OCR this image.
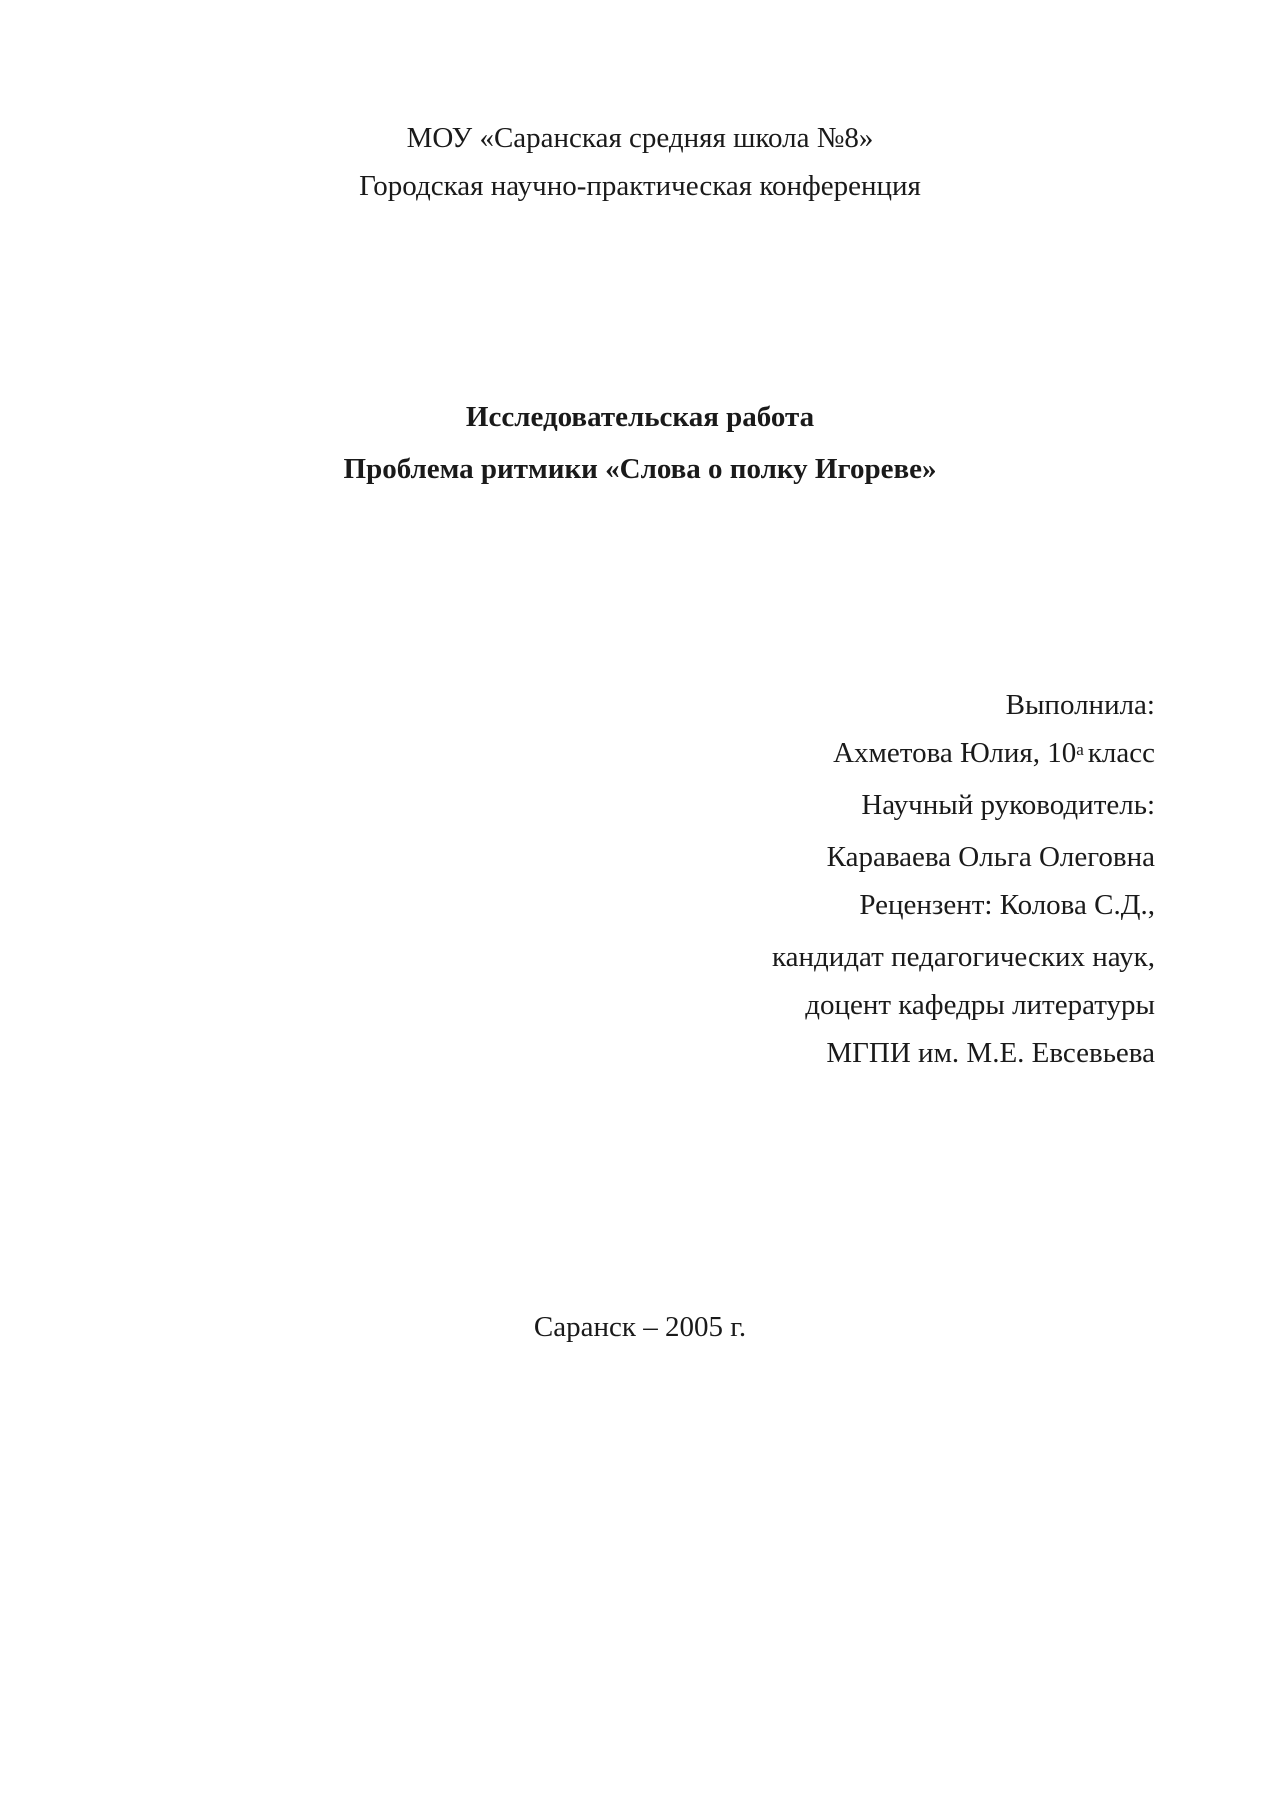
МОУ «Саранская средняя школа №8»
Городская научно-практическая конференция
Исследовательская работа
Проблема ритмики «Слова о полку Игореве»
Выполнила:
Ахметова Юлия, $10^а$ класс
Научный руководитель:
Караваева Ольга Олеговна
Рецензент: Колова С.Д.,
кандидат педагогических наук,
доцент кафедры литературы
МГПИ им. М.Е. Евсевьева
Саранск – 2005 г.
